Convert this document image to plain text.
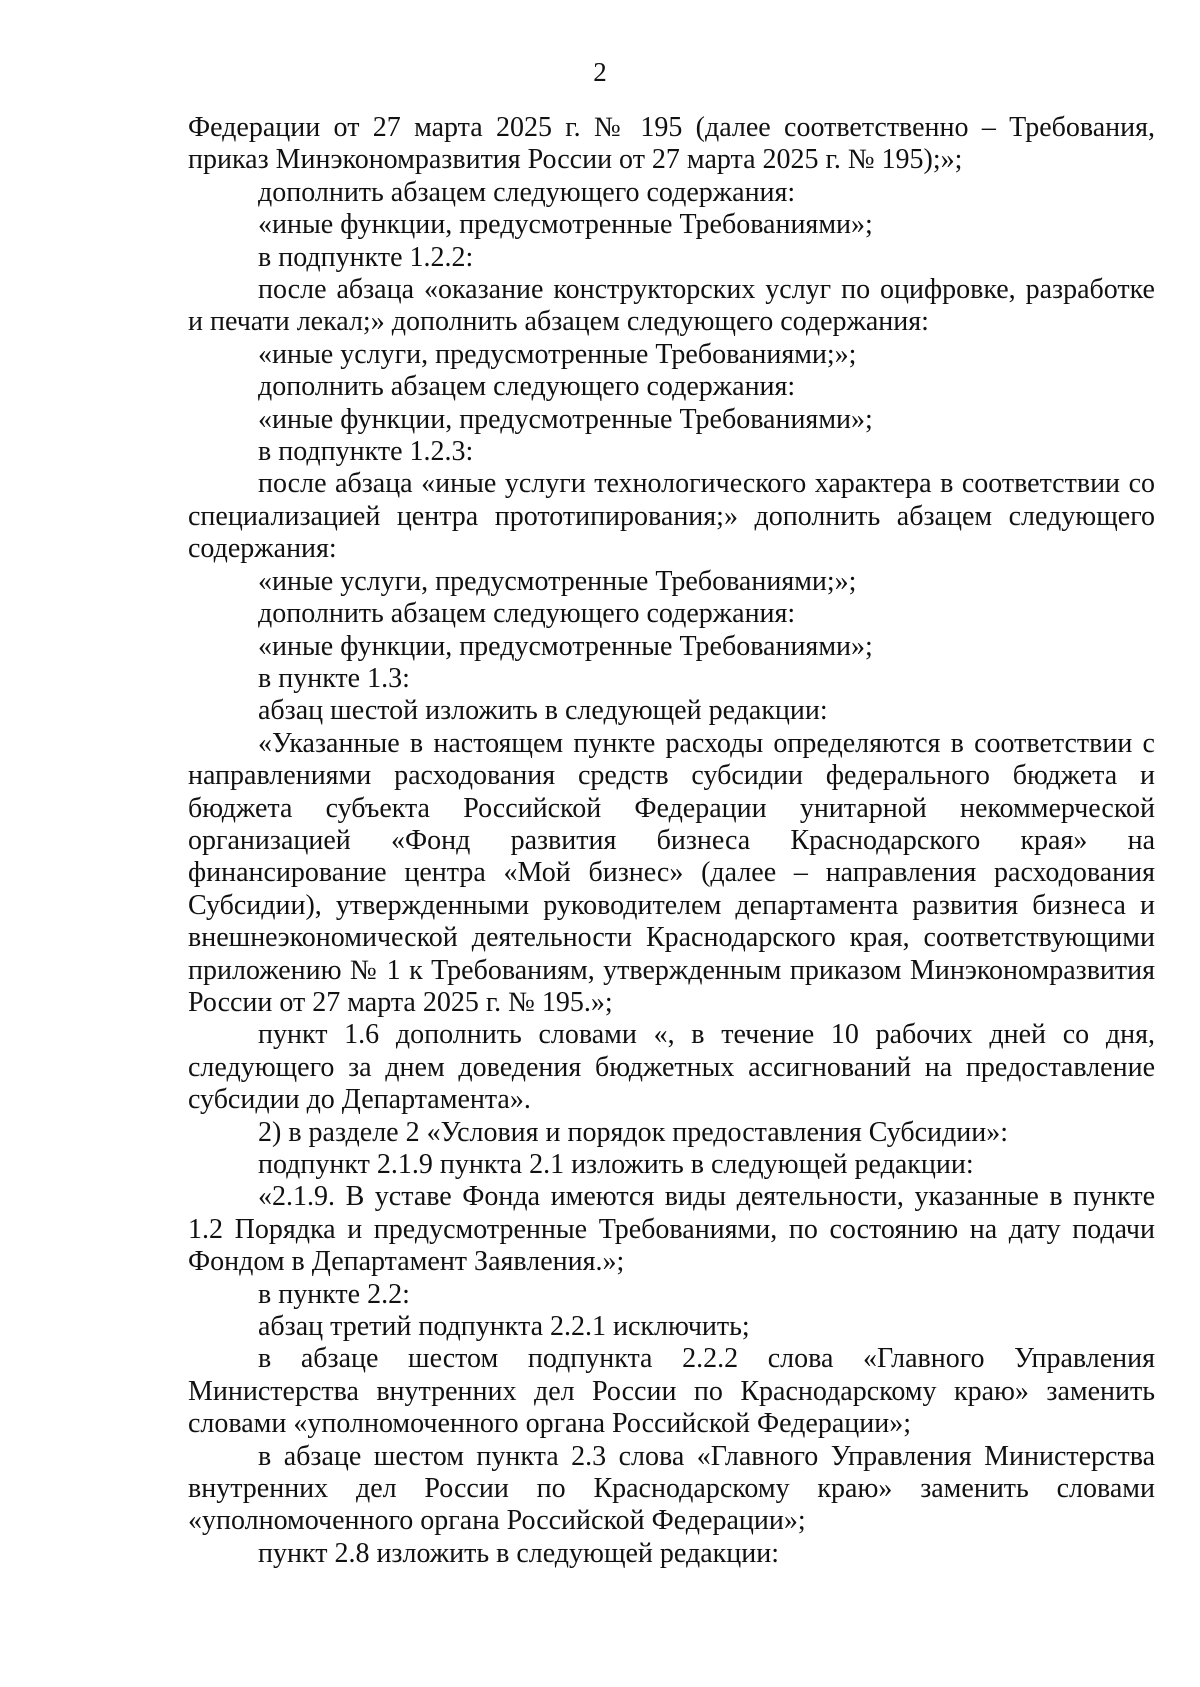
2

Федерации от 27 марта 2025 г. № 195 (далее соответственно – Требования, приказ Минэкономразвития России от 27 марта 2025 г. № 195);»;

дополнить абзацем следующего содержания:

«иные функции, предусмотренные Требованиями»;

в подпункте 1.2.2:

после абзаца «оказание конструкторских услуг по оцифровке, разработке и печати лекал;» дополнить абзацем следующего содержания:

«иные услуги, предусмотренные Требованиями;»;

дополнить абзацем следующего содержания:

«иные функции, предусмотренные Требованиями»;

в подпункте 1.2.3:

после абзаца «иные услуги технологического характера в соответствии со специализацией центра прототипирования;» дополнить абзацем следующего содержания:

«иные услуги, предусмотренные Требованиями;»;

дополнить абзацем следующего содержания:

«иные функции, предусмотренные Требованиями»;

в пункте 1.3:

абзац шестой изложить в следующей редакции:

«Указанные в настоящем пункте расходы определяются в соответствии с направлениями расходования средств субсидии федерального бюджета и бюджета субъекта Российской Федерации унитарной некоммерческой организацией «Фонд развития бизнеса Краснодарского края» на финансирование центра «Мой бизнес» (далее – направления расходования Субсидии), утвержденными руководителем департамента развития бизнеса и внешнеэкономической деятельности Краснодарского края, соответствующими приложению № 1 к Требованиям, утвержденным приказом Минэкономразвития России от 27 марта 2025 г. № 195.»;

пункт 1.6 дополнить словами «, в течение 10 рабочих дней со дня, следующего за днем доведения бюджетных ассигнований на предоставление субсидии до Департамента».

2) в разделе 2 «Условия и порядок предоставления Субсидии»:

подпункт 2.1.9 пункта 2.1 изложить в следующей редакции:

«2.1.9. В уставе Фонда имеются виды деятельности, указанные в пункте 1.2 Порядка и предусмотренные Требованиями, по состоянию на дату подачи Фондом в Департамент Заявления.»;

в пункте 2.2:

абзац третий подпункта 2.2.1 исключить;

в абзаце шестом подпункта 2.2.2 слова «Главного Управления Министерства внутренних дел России по Краснодарскому краю» заменить словами «уполномоченного органа Российской Федерации»;

в абзаце шестом пункта 2.3 слова «Главного Управления Министерства внутренних дел России по Краснодарскому краю» заменить словами «уполномоченного органа Российской Федерации»;

пункт 2.8 изложить в следующей редакции:
